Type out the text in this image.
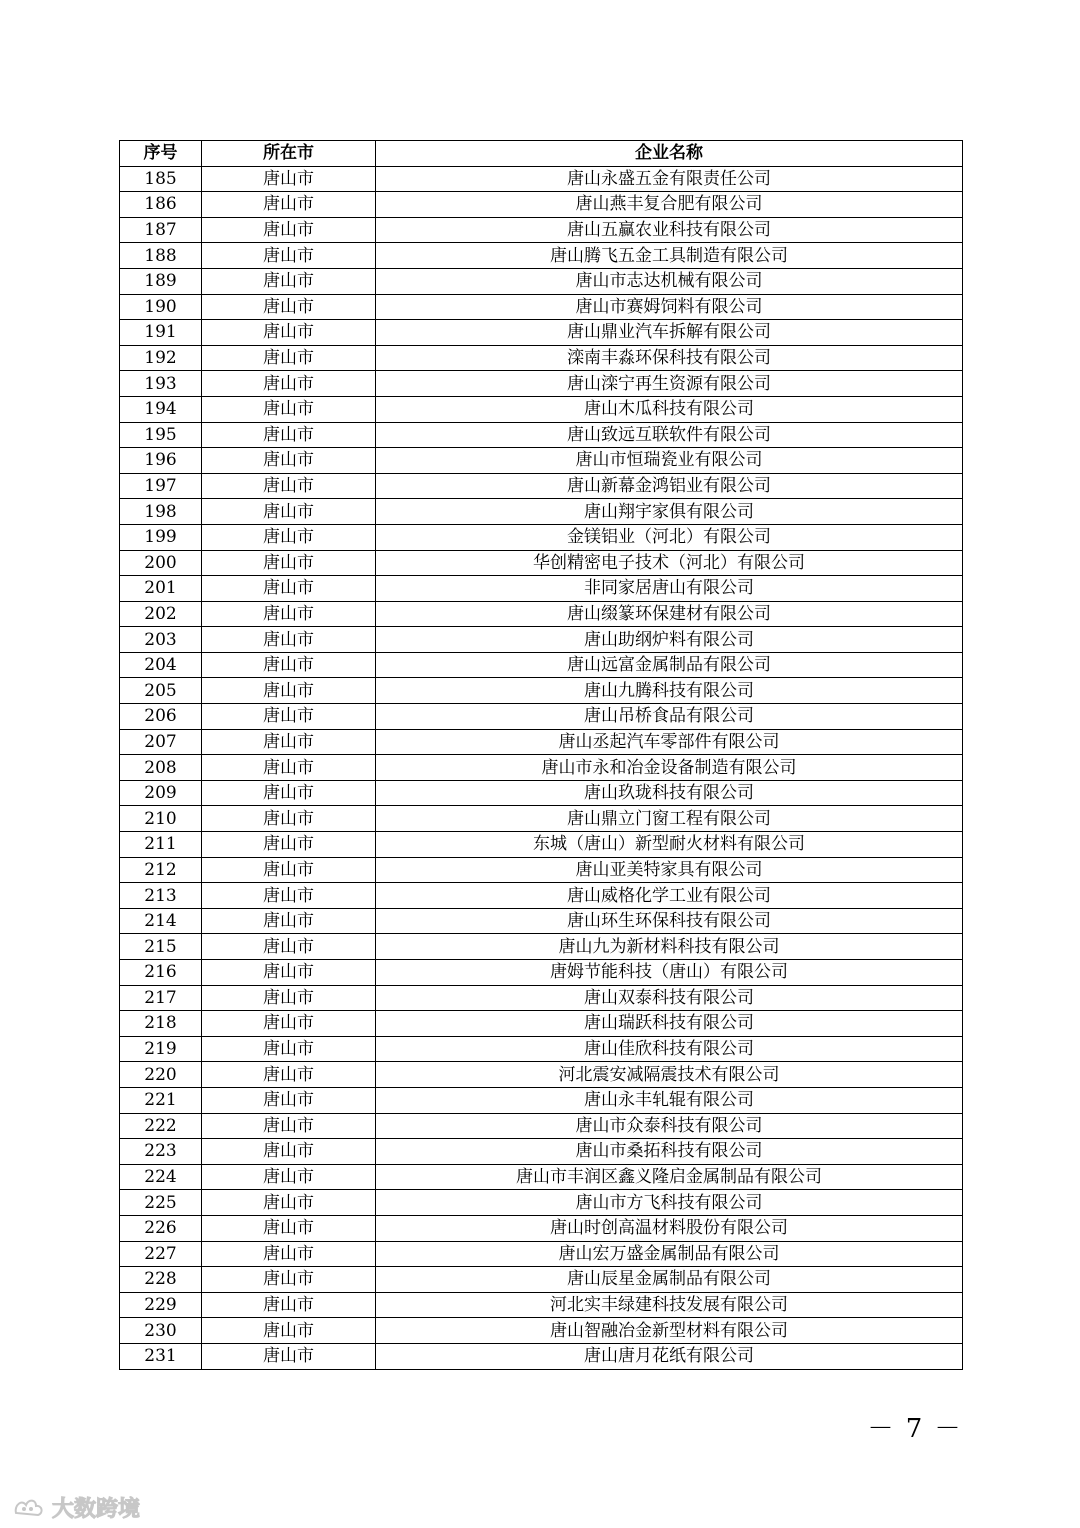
序号	所在市	企业名称
185	唐山市	唐山永盛五金有限责任公司
186	唐山市	唐山燕丰复合肥有限公司
187	唐山市	唐山五赢农业科技有限公司
188	唐山市	唐山腾飞五金工具制造有限公司
189	唐山市	唐山市志达机械有限公司
190	唐山市	唐山市赛姆饲料有限公司
191	唐山市	唐山鼎业汽车拆解有限公司
192	唐山市	滦南丰淼环保科技有限公司
193	唐山市	唐山滦宁再生资源有限公司
194	唐山市	唐山木瓜科技有限公司
195	唐山市	唐山致远互联软件有限公司
196	唐山市	唐山市恒瑞瓷业有限公司
197	唐山市	唐山新幕金鸿铝业有限公司
198	唐山市	唐山翔宇家俱有限公司
199	唐山市	金镁铝业（河北）有限公司
200	唐山市	华创精密电子技术（河北）有限公司
201	唐山市	非同家居唐山有限公司
202	唐山市	唐山缀篆环保建材有限公司
203	唐山市	唐山助纲炉料有限公司
204	唐山市	唐山远富金属制品有限公司
205	唐山市	唐山九腾科技有限公司
206	唐山市	唐山吊桥食品有限公司
207	唐山市	唐山丞起汽车零部件有限公司
208	唐山市	唐山市永和冶金设备制造有限公司
209	唐山市	唐山玖珑科技有限公司
210	唐山市	唐山鼎立门窗工程有限公司
211	唐山市	东城（唐山）新型耐火材料有限公司
212	唐山市	唐山亚美特家具有限公司
213	唐山市	唐山威格化学工业有限公司
214	唐山市	唐山环生环保科技有限公司
215	唐山市	唐山九为新材料科技有限公司
216	唐山市	唐姆节能科技（唐山）有限公司
217	唐山市	唐山双泰科技有限公司
218	唐山市	唐山瑞跃科技有限公司
219	唐山市	唐山佳欣科技有限公司
220	唐山市	河北震安减隔震技术有限公司
221	唐山市	唐山永丰轧辊有限公司
222	唐山市	唐山市众泰科技有限公司
223	唐山市	唐山市桑拓科技有限公司
224	唐山市	唐山市丰润区鑫义隆启金属制品有限公司
225	唐山市	唐山市方飞科技有限公司
226	唐山市	唐山时创高温材料股份有限公司
227	唐山市	唐山宏万盛金属制品有限公司
228	唐山市	唐山辰星金属制品有限公司
229	唐山市	河北实丰绿建科技发展有限公司
230	唐山市	唐山智融冶金新型材料有限公司
231	唐山市	唐山唐月花纸有限公司
－ 7 －
大数跨境
